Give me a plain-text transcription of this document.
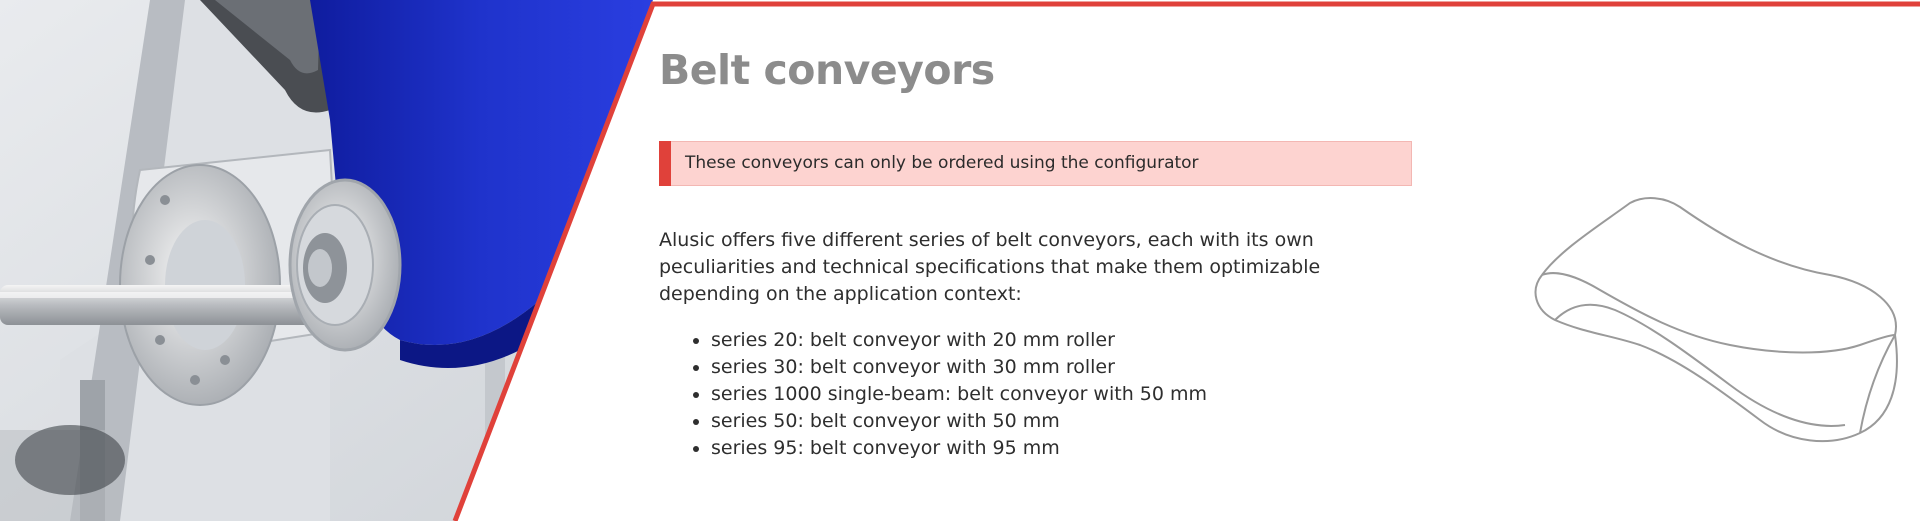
Belt conveyors
These conveyors can only be ordered using the configurator

Alusic offers five different series of belt conveyors, each with its own peculiarities and technical specifications that make them optimizable depending on the application context:

• series 20: belt conveyor with 20 mm roller
• series 30: belt conveyor with 30 mm roller
• series 1000 single-beam: belt conveyor with 50 mm
• series 50: belt conveyor with 50 mm
• series 95: belt conveyor with 95 mm
